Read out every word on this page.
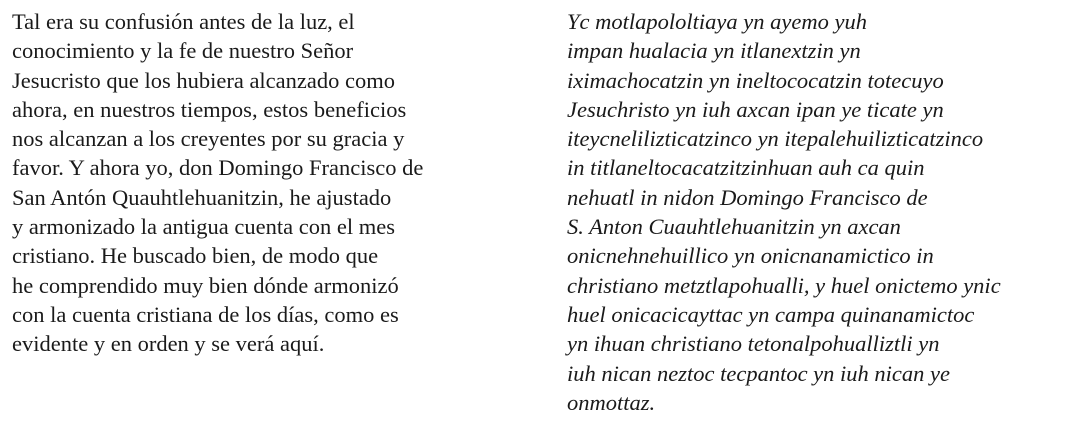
Tal era su confusión antes de la luz, el
conocimiento y la fe de nuestro Señor
Jesucristo que los hubiera alcanzado como
ahora, en nuestros tiempos, estos beneficios
nos alcanzan a los creyentes por su gracia y
favor. Y ahora yo, don Domingo Francisco de
San Antón Quauhtlehuanitzin, he ajustado
y armonizado la antigua cuenta con el mes
cristiano. He buscado bien, de modo que
he comprendido muy bien dónde armonizó
con la cuenta cristiana de los días, como es
evidente y en orden y se verá aquí.
Yc motlapololtiaya yn ayemo yuh
impan hualacia yn itlanextzin yn
iximachocatzin yn ineltococatzin totecuyo
Jesuchristo yn iuh axcan ipan ye ticate yn
iteycnelilizticatzinco yn itepalehuilizticatzinco
in titlaneltocacatzitzinhuan auh ca quin
nehuatl in nidon Domingo Francisco de
S. Anton Cuauhtlehuanitzin yn axcan
onicnehnehuillico yn onicnanamictico in
christiano metztlapohualli, y huel onictemo ynic
huel onicacicayttac yn campa quinanamictoc
yn ihuan christiano tetonalpohualliztli yn
iuh nican neztoc tecpantoc yn iuh nican ye
onmottaz.
